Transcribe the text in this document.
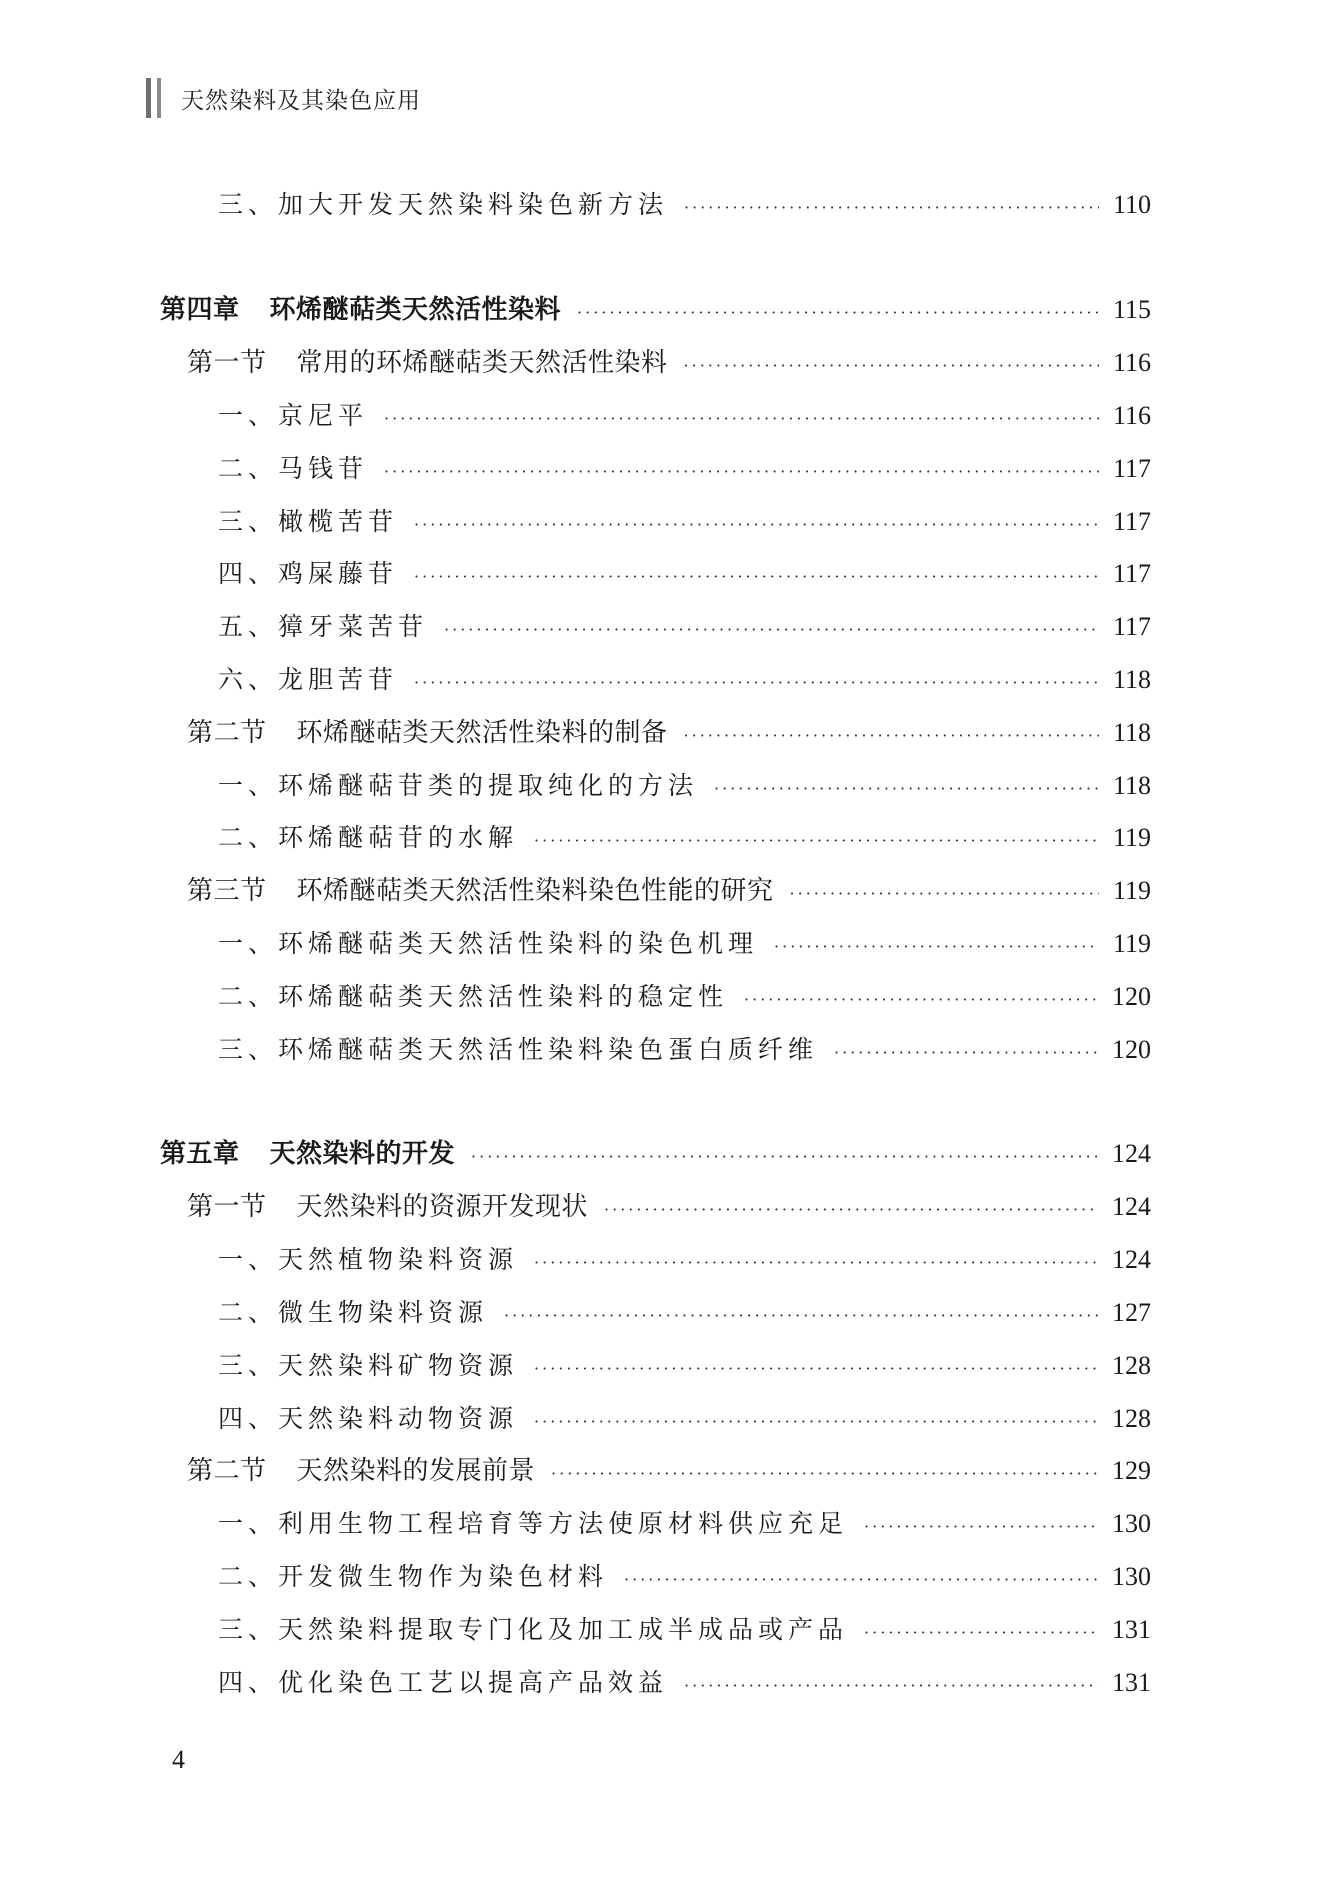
天然染料及其染色应用
三、加大开发天然染料染色新方法 ·····	110
第四章 环烯醚萜类天然活性染料 ·····	115
第一节 常用的环烯醚萜类天然活性染料 ·····	116
一、京尼平 ·····	116
二、马钱苷 ·····	117
三、橄榄苦苷 ·····	117
四、鸡屎藤苷 ·····	117
五、獐牙菜苦苷 ·····	117
六、龙胆苦苷 ·····	118
第二节 环烯醚萜类天然活性染料的制备 ·····	118
一、环烯醚萜苷类的提取纯化的方法 ·····	118
二、环烯醚萜苷的水解 ·····	119
第三节 环烯醚萜类天然活性染料染色性能的研究 ·····	119
一、环烯醚萜类天然活性染料的染色机理 ·····	119
二、环烯醚萜类天然活性染料的稳定性 ·····	120
三、环烯醚萜类天然活性染料染色蛋白质纤维 ·····	120
第五章 天然染料的开发 ·····	124
第一节 天然染料的资源开发现状 ·····	124
一、天然植物染料资源 ·····	124
二、微生物染料资源 ·····	127
三、天然染料矿物资源 ·····	128
四、天然染料动物资源 ·····	128
第二节 天然染料的发展前景 ·····	129
一、利用生物工程培育等方法使原材料供应充足 ·····	130
二、开发微生物作为染色材料 ·····	130
三、天然染料提取专门化及加工成半成品或产品 ·····	131
四、优化染色工艺以提高产品效益 ·····	131
4
